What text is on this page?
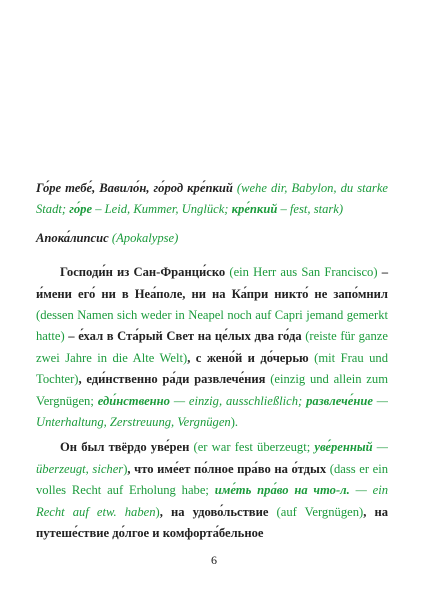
Го́ре тебе́, Вавило́н, го́род кре́пкий (wehe dir, Babylon, du starke Stadt; го́ре – Leid, Kummer, Unglück; кре́пкий – fest, stark)

Апока́липсис (Apokalypse)

Господи́н из Сан-Франци́ско (ein Herr aus San Francisco) – и́мени его́ ни в Неа́поле, ни на Ка́при никто́ не запо́мнил (dessen Namen sich weder in Neapel noch auf Capri jemand gemerkt hatte) – е́хал в Ста́рый Свет на це́лых два го́да (reiste für ganze zwei Jahre in die Alte Welt), с жено́й и до́черью (mit Frau und Tochter), еди́нственно ра́ди развлече́ния (einzig und allein zum Vergnügen; еди́нственно — einzig, ausschließlich; развлече́ние — Unterhaltung, Zerstreuung, Vergnügen).

Он был твёрдо уве́рен (er war fest überzeugt; уве́ренный — überzeugt, sicher), что име́ет по́лное пра́во на о́тдых (dass er ein volles Recht auf Erholung habe; име́ть пра́во на что-л. — ein Recht auf etw. haben), на удово́льствие (auf Vergnügen), на путеше́ствие до́лгое и комфорта́бельное

6
